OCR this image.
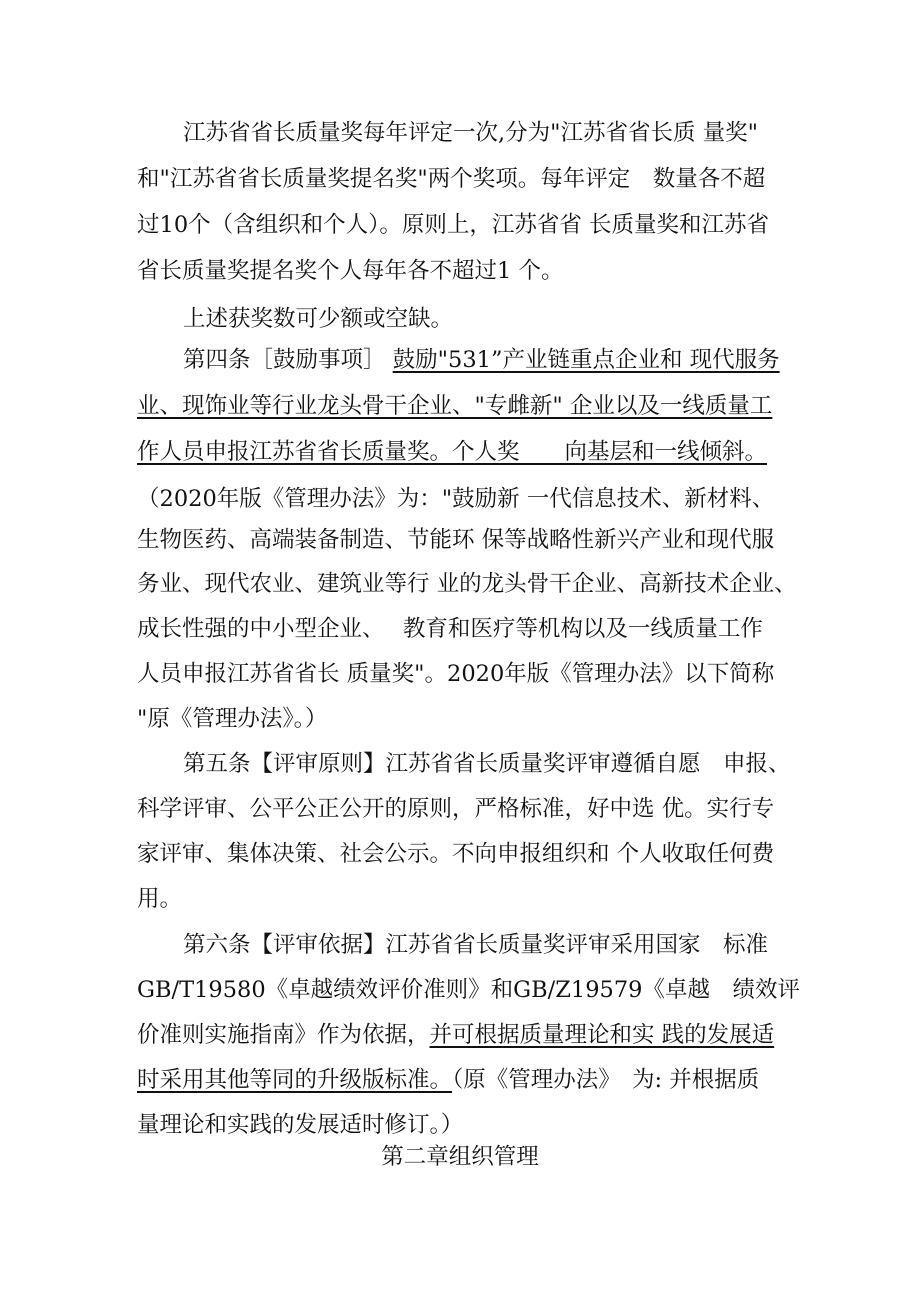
江苏省省长质量奖每年评定一次,分为"江苏省省长质 量奖"
和"江苏省省长质量奖提名奖"两个奖项。每年评定　数量各不超
过10个（含组织和个人）。原则上，江苏省省 长质量奖和江苏省
省长质量奖提名奖个人每年各不超过1 个。
上述获奖数可少额或空缺。
第四条［鼓励事项］ 鼓励"531”产业链重点企业和 现代服务
业、现饰业等行业龙头骨干企业、"专雌新" 企业以及一线质量工
作人员申报江苏省省长质量奖。个人奖　　向基层和一线倾斜。
（2020年版《管理办法》为："鼓励新 一代信息技术、新材料、
生物医药、高端装备制造、节能环 保等战略性新兴产业和现代服
务业、现代农业、建筑业等行 业的龙头骨干企业、高新技术企业、
成长性强的中小型企业、　 教育和医疗等机构以及一线质量工作
人员申报江苏省省长 质量奖"。2020年版《管理办法》以下简称
"原《管理办法》。）
第五条【评审原则】江苏省省长质量奖评审遵循自愿　申报、
科学评审、公平公正公开的原则，严格标准，好中选 优。实行专
家评审、集体决策、社会公示。不向申报组织和 个人收取任何费
用。
第六条【评审依据】江苏省省长质量奖评审采用国家　标准
GB/T19580《卓越绩效评价准则》和GB/Z19579《卓越　绩效评
价准则实施指南》作为依据，并可根据质量理论和实 践的发展适
时采用其他等同的升级版标准。（原《管理办法》　为: 并根据质
量理论和实践的发展适时修订。）
第二章组织管理
